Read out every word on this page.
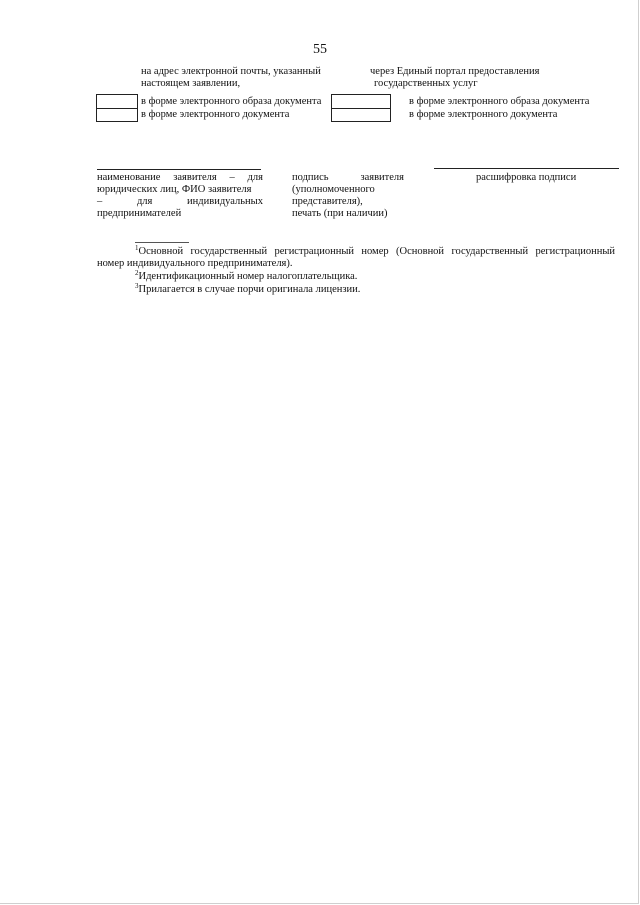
55
на адрес электронной почты, указанный
настоящем заявлении,
через Единый портал предоставления
государственных услуг
в форме электронного образа документа
в форме электронного документа
в форме электронного образа документа
в форме электронного документа
наименование заявителя – для
юридических лиц, ФИО заявителя
–	для	индивидуальных
предпринимателей
подпись	заявителя
(уполномоченного
представителя),
печать (при наличии)
расшифровка подписи
$^1$Основной государственный регистрационный номер (Основной государственный регистрационный
номер индивидуального предпринимателя).
$^2$Идентификационный номер налогоплательщика.
$^3$Прилагается в случае порчи оригинала лицензии.
